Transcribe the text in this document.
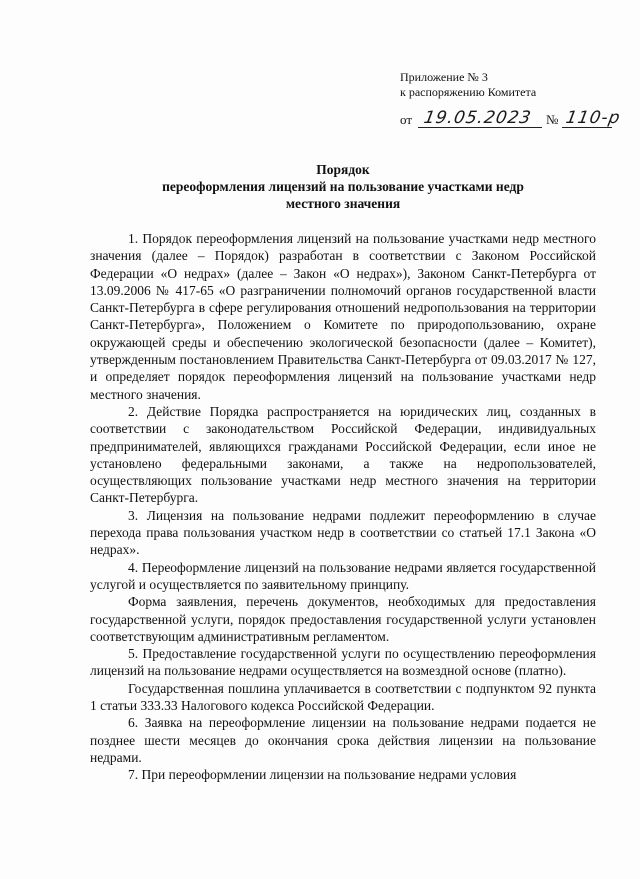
Приложение № 3
к распоряжению Комитета
от 19.05.2023 № 110-р
Порядок
переоформления лицензий на пользование участками недр
местного значения

1. Порядок переоформления лицензий на пользование участками недр местного значения (далее – Порядок) разработан в соответствии с Законом Российской Федерации «О недрах» (далее – Закон «О недрах»), Законом Санкт-Петербурга от 13.09.2006 № 417-65 «О разграничении полномочий органов государственной власти Санкт-Петербурга в сфере регулирования отношений недропользования на территории Санкт-Петербурга», Положением о Комитете по природопользованию, охране окружающей среды и обеспечению экологической безопасности (далее – Комитет), утвержденным постановлением Правительства Санкт-Петербурга от 09.03.2017 № 127, и определяет порядок переоформления лицензий на пользование участками недр местного значения.

2. Действие Порядка распространяется на юридических лиц, созданных в соответствии с законодательством Российской Федерации, индивидуальных предпринимателей, являющихся гражданами Российской Федерации, если иное не установлено федеральными законами, а также на недропользователей, осуществляющих пользование участками недр местного значения на территории Санкт-Петербурга.

3. Лицензия на пользование недрами подлежит переоформлению в случае перехода права пользования участком недр в соответствии со статьей 17.1 Закона «О недрах».

4. Переоформление лицензий на пользование недрами является государственной услугой и осуществляется по заявительному принципу.

Форма заявления, перечень документов, необходимых для предоставления государственной услуги, порядок предоставления государственной услуги установлен соответствующим административным регламентом.

5. Предоставление государственной услуги по осуществлению переоформления лицензий на пользование недрами осуществляется на возмездной основе (платно).

Государственная пошлина уплачивается в соответствии с подпунктом 92 пункта 1 статьи 333.33 Налогового кодекса Российской Федерации.

6. Заявка на переоформление лицензии на пользование недрами подается не позднее шести месяцев до окончания срока действия лицензии на пользование недрами.

7. При переоформлении лицензии на пользование недрами условия
